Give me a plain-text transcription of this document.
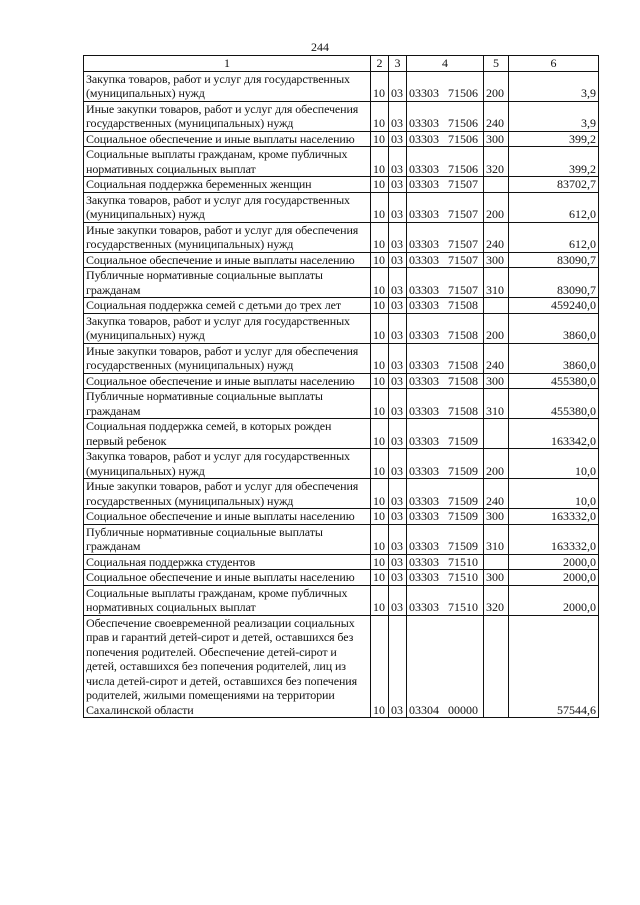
244
1	2	3	4	5	6
Закупка товаров, работ и услуг для государственных (муниципальных) нужд	10	03	03303 71506	200	3,9
Иные закупки товаров, работ и услуг для обеспечения государственных (муниципальных) нужд	10	03	03303 71506	240	3,9
Социальное обеспечение и иные выплаты населению	10	03	03303 71506	300	399,2
Социальные выплаты гражданам, кроме публичных нормативных социальных выплат	10	03	03303 71506	320	399,2
Социальная поддержка беременных женщин	10	03	03303 71507		83702,7
Закупка товаров, работ и услуг для государственных (муниципальных) нужд	10	03	03303 71507	200	612,0
Иные закупки товаров, работ и услуг для обеспечения государственных (муниципальных) нужд	10	03	03303 71507	240	612,0
Социальное обеспечение и иные выплаты населению	10	03	03303 71507	300	83090,7
Публичные нормативные социальные выплаты гражданам	10	03	03303 71507	310	83090,7
Социальная поддержка семей с детьми до трех лет	10	03	03303 71508		459240,0
Закупка товаров, работ и услуг для государственных (муниципальных) нужд	10	03	03303 71508	200	3860,0
Иные закупки товаров, работ и услуг для обеспечения государственных (муниципальных) нужд	10	03	03303 71508	240	3860,0
Социальное обеспечение и иные выплаты населению	10	03	03303 71508	300	455380,0
Публичные нормативные социальные выплаты гражданам	10	03	03303 71508	310	455380,0
Социальная поддержка семей, в которых рожден первый ребенок	10	03	03303 71509		163342,0
Закупка товаров, работ и услуг для государственных (муниципальных) нужд	10	03	03303 71509	200	10,0
Иные закупки товаров, работ и услуг для обеспечения государственных (муниципальных) нужд	10	03	03303 71509	240	10,0
Социальное обеспечение и иные выплаты населению	10	03	03303 71509	300	163332,0
Публичные нормативные социальные выплаты гражданам	10	03	03303 71509	310	163332,0
Социальная поддержка студентов	10	03	03303 71510		2000,0
Социальное обеспечение и иные выплаты населению	10	03	03303 71510	300	2000,0
Социальные выплаты гражданам, кроме публичных нормативных социальных выплат	10	03	03303 71510	320	2000,0
Обеспечение своевременной реализации социальных прав и гарантий детей-сирот и детей, оставшихся без попечения родителей. Обеспечение детей-сирот и детей, оставшихся без попечения родителей, лиц из числа детей-сирот и детей, оставшихся без попечения родителей, жилыми помещениями на территории Сахалинской области	10	03	03304 00000		57544,6
